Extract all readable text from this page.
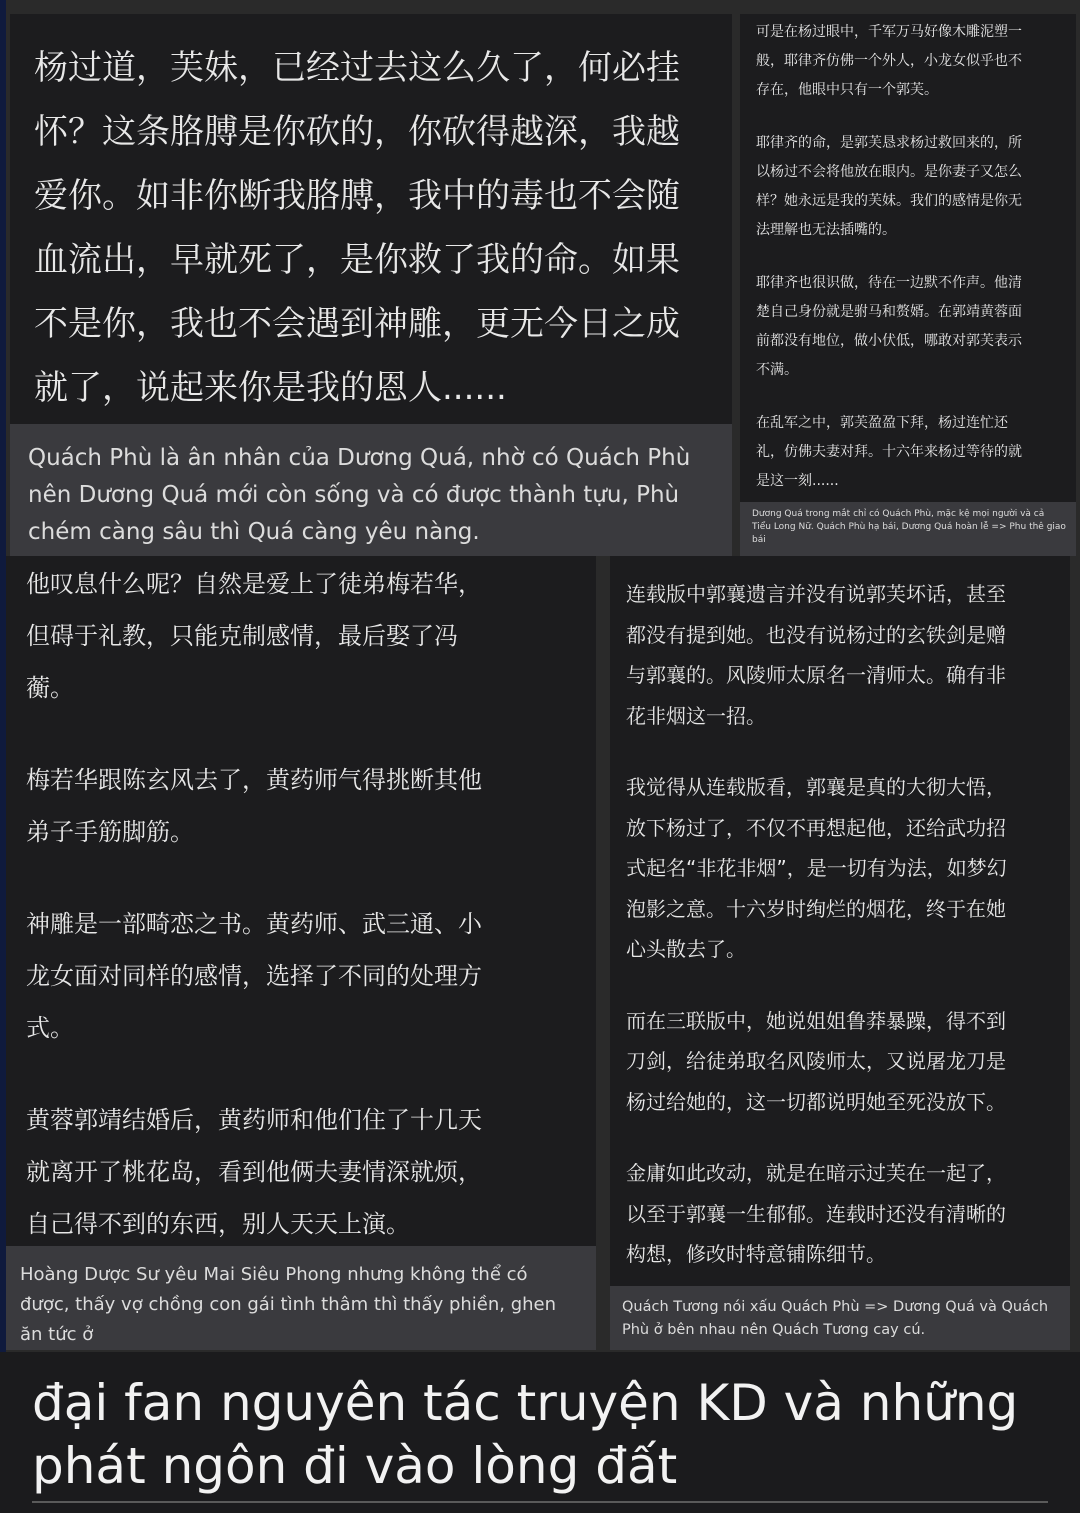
杨过道，芙妹，已经过去这么久了，何必挂
怀？这条胳膊是你砍的，你砍得越深，我越
爱你。如非你断我胳膊，我中的毒也不会随
血流出，早就死了，是你救了我的命。如果
不是你，我也不会遇到神雕，更无今日之成
就了，说起来你是我的恩人......

Quách Phù là ân nhân của Dương Quá, nhờ có Quách Phù nên Dương Quá mới còn sống và có được thành tựu, Phù chém càng sâu thì Quá càng yêu nàng.

可是在杨过眼中，千军万马好像木雕泥塑一
般，耶律齐仿佛一个外人，小龙女似乎也不
存在，他眼中只有一个郭芙。

耶律齐的命，是郭芙恳求杨过救回来的，所
以杨过不会将他放在眼内。是你妻子又怎么
样？她永远是我的芙妹。我们的感情是你无
法理解也无法插嘴的。

耶律齐也很识做，待在一边默不作声。他清
楚自己身份就是驸马和赘婿。在郭靖黄蓉面
前都没有地位，做小伏低，哪敢对郭芙表示
不满。

在乱军之中，郭芙盈盈下拜，杨过连忙还
礼，仿佛夫妻对拜。十六年来杨过等待的就
是这一刻......

Dương Quá trong mắt chỉ có Quách Phù, mặc kệ mọi người và cả Tiểu Long Nữ. Quách Phù hạ bái, Dương Quá hoàn lễ => Phu thê giao bái

他叹息什么呢？自然是爱上了徒弟梅若华，
但碍于礼教，只能克制感情，最后娶了冯
蘅。

梅若华跟陈玄风去了，黄药师气得挑断其他
弟子手筋脚筋。

神雕是一部畸恋之书。黄药师、武三通、小
龙女面对同样的感情，选择了不同的处理方
式。

黄蓉郭靖结婚后，黄药师和他们住了十几天
就离开了桃花岛，看到他俩夫妻情深就烦，
自己得不到的东西，别人天天上演。

Hoàng Dược Sư yêu Mai Siêu Phong nhưng không thể có được, thấy vợ chồng con gái tình thâm thì thấy phiền, ghen ăn tức ở

连载版中郭襄遗言并没有说郭芙坏话，甚至
都没有提到她。也没有说杨过的玄铁剑是赠
与郭襄的。风陵师太原名一清师太。确有非
花非烟这一招。

我觉得从连载版看，郭襄是真的大彻大悟，
放下杨过了，不仅不再想起他，还给武功招
式起名“非花非烟”，是一切有为法，如梦幻
泡影之意。十六岁时绚烂的烟花，终于在她
心头散去了。

而在三联版中，她说姐姐鲁莽暴躁，得不到
刀剑，给徒弟取名风陵师太，又说屠龙刀是
杨过给她的，这一切都说明她至死没放下。

金庸如此改动，就是在暗示过芙在一起了，
以至于郭襄一生郁郁。连载时还没有清晰的
构想，修改时特意铺陈细节。

Quách Tương nói xấu Quách Phù => Dương Quá và Quách Phù ở bên nhau nên Quách Tương cay cú.

đại fan nguyên tác truyện KD và những phát ngôn đi vào lòng đất
